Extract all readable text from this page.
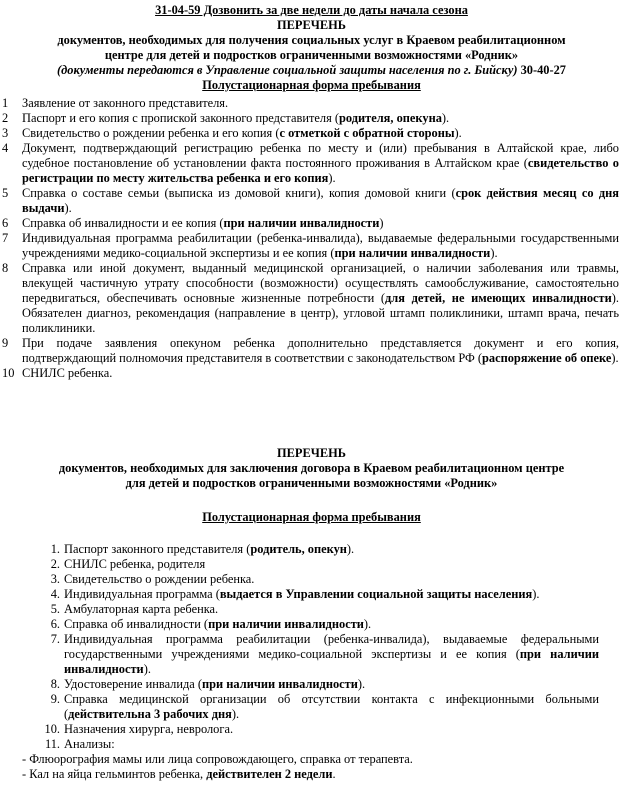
31-04-59 Дозвонить за две недели до даты начала сезона
ПЕРЕЧЕНЬ
документов, необходимых для получения социальных услуг в Краевом реабилитационном
центре для детей и подростков ограниченными возможностями «Родник»
(документы передаются в Управление социальной защиты населения по г. Бийску) 30-40-27
Полустационарная форма пребывания
1 Заявление от законного представителя.
2 Паспорт и его копия с пропиской законного представителя (родителя, опекуна).
3 Свидетельство о рождении ребенка и его копия (с отметкой с обратной стороны).
4 Документ, подтверждающий регистрацию ребенка по месту и (или) пребывания в Алтайской крае, либо судебное постановление об установлении факта постоянного проживания в Алтайском крае (свидетельство о регистрации по месту жительства ребенка и его копия).
5 Справка о составе семьи (выписка из домовой книги), копия домовой книги (срок действия месяц со дня выдачи).
6 Справка об инвалидности и ее копия (при наличии инвалидности)
7 Индивидуальная программа реабилитации (ребенка-инвалида), выдаваемые федеральными государственными учреждениями медико-социальной экспертизы и ее копия (при наличии инвалидности).
8 Справка или иной документ, выданный медицинской организацией, о наличии заболевания или травмы, влекущей частичную утрату способности (возможности) осуществлять самообслуживание, самостоятельно передвигаться, обеспечивать основные жизненные потребности (для детей, не имеющих инвалидности). Обязателен диагноз, рекомендация (направление в центр), угловой штамп поликлиники, штамп врача, печать поликлиники.
9 При подаче заявления опекуном ребенка дополнительно представляется документ и его копия, подтверждающий полномочия представителя в соответствии с законодательством РФ (распоряжение об опеке).
10 СНИЛС ребенка.
ПЕРЕЧЕНЬ
документов, необходимых для заключения договора в Краевом реабилитационном центре
для детей и подростков ограниченными возможностями «Родник»
Полустационарная форма пребывания
1. Паспорт законного представителя (родитель, опекун).
2. СНИЛС ребенка, родителя
3. Свидетельство о рождении ребенка.
4. Индивидуальная программа (выдается в Управлении социальной защиты населения).
5. Амбулаторная карта ребенка.
6. Справка об инвалидности (при наличии инвалидности).
7. Индивидуальная программа реабилитации (ребенка-инвалида), выдаваемые федеральными государственными учреждениями медико-социальной экспертизы и ее копия (при наличии инвалидности).
8. Удостоверение инвалида (при наличии инвалидности).
9. Справка медицинской организации об отсутствии контакта с инфекционными больными (действительна 3 рабочих дня).
10. Назначения хирурга, невролога.
11. Анализы:
- Флюорография мамы или лица сопровождающего, справка от терапевта.
- Кал на яйца гельминтов ребенка, действителен 2 недели.
